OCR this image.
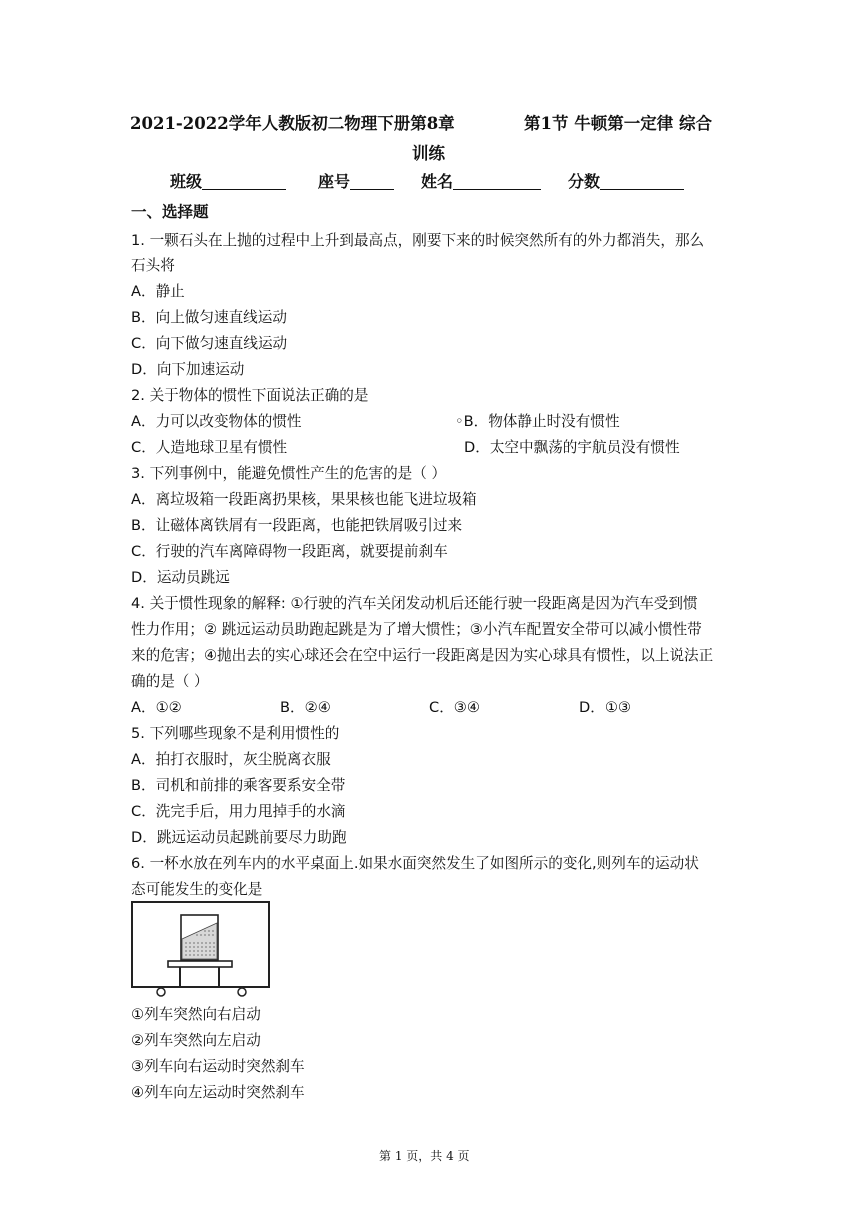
2021-2022学年人教版初二物理下册第8章	第1节 牛顿第一定律 综合
训练
班级	座号	姓名	分数
一、选择题
1. 一颗石头在上抛的过程中上升到最高点，刚要下来的时候突然所有的外力都消失，那么
石头将
A．静止
B．向上做匀速直线运动
C．向下做匀速直线运动
D．向下加速运动
2. 关于物体的惯性下面说法正确的是
A．力可以改变物体的惯性	◦B．物体静止时没有惯性
C．人造地球卫星有惯性	D．太空中飘荡的宇航员没有惯性
3. 下列事例中，能避免惯性产生的危害的是（ ）
A．离垃圾箱一段距离扔果核，果果核也能飞进垃圾箱
B．让磁体离铁屑有一段距离，也能把铁屑吸引过来
C．行驶的汽车离障碍物一段距离，就要提前刹车
D．运动员跳远
4. 关于惯性现象的解释: ①行驶的汽车关闭发动机后还能行驶一段距离是因为汽车受到惯
性力作用；② 跳远运动员助跑起跳是为了增大惯性；③小汽车配置安全带可以减小惯性带
来的危害；④抛出去的实心球还会在空中运行一段距离是因为实心球具有惯性，以上说法正
确的是（ ）
A．①②	B．②④	C．③④	D．①③
5. 下列哪些现象不是利用惯性的
A．拍打衣服时，灰尘脱离衣服
B．司机和前排的乘客要系安全带
C．洗完手后，用力甩掉手的水滴
D．跳远运动员起跳前要尽力助跑
6. 一杯水放在列车内的水平桌面上.如果水面突然发生了如图所示的变化,则列车的运动状
态可能发生的变化是
①列车突然向右启动
②列车突然向左启动
③列车向右运动时突然刹车
④列车向左运动时突然刹车
第 1 页，共 4 页
